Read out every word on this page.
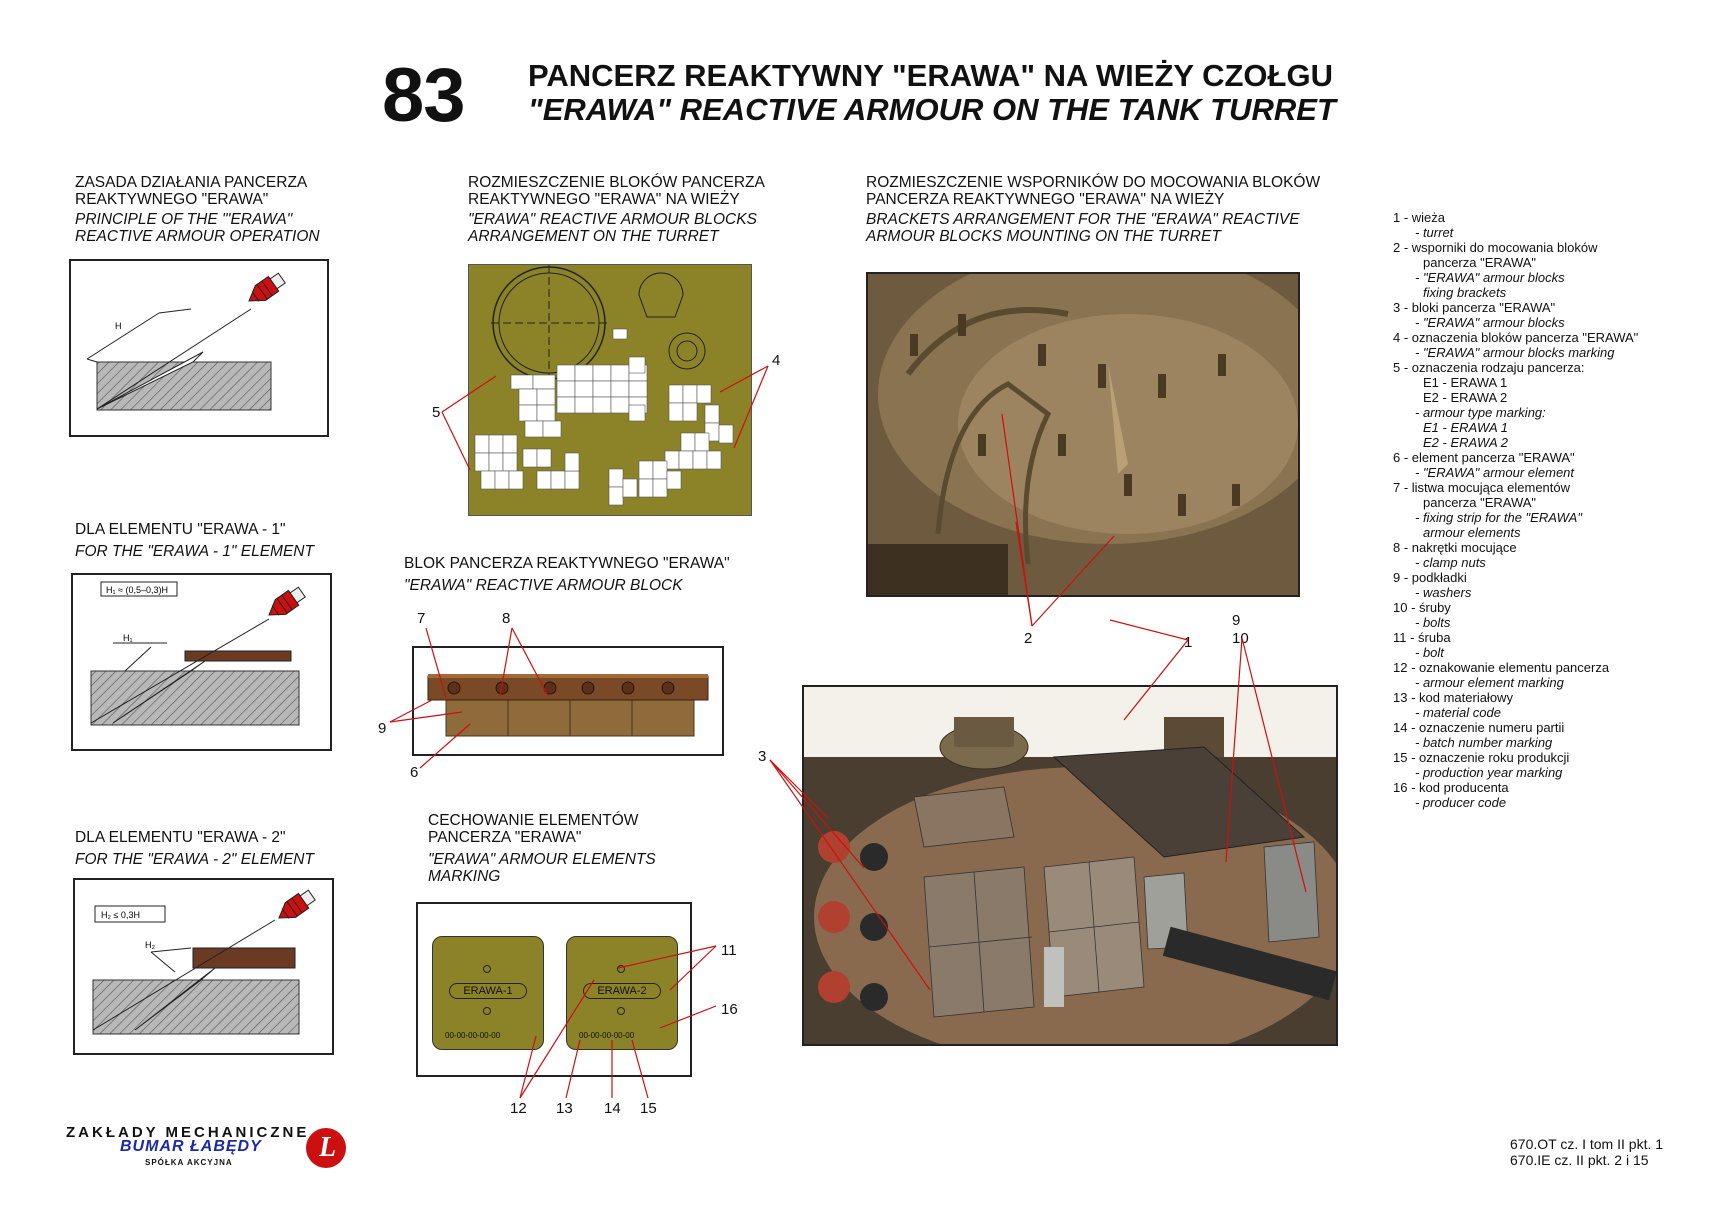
83 PANCERZ REAKTYWNY "ERAWA" NA WIEŻY CZOŁGU
"ERAWA" REACTIVE ARMOUR ON THE TANK TURRET
ZASADA DZIAŁANIA PANCERZA
REAKTYWNEGO "ERAWA"
PRINCIPLE OF THE "'ERAWA"
REACTIVE ARMOUR OPERATION
H
DLA ELEMENTU "ERAWA - 1"
FOR THE "ERAWA - 1" ELEMENT
H₁ ≈ (0,5–0,3)H
H₁
DLA ELEMENTU "ERAWA - 2"
FOR THE "ERAWA - 2" ELEMENT
H₂ ≤ 0,3H
H₂
ROZMIESZCZENIE BLOKÓW PANCERZA
REAKTYWNEGO "ERAWA" NA WIEŻY
"ERAWA" REACTIVE ARMOUR BLOCKS
ARRANGEMENT ON THE TURRET
5
4
BLOK PANCERZA REAKTYWNEGO "ERAWA"
"ERAWA" REACTIVE ARMOUR BLOCK
7	8
9
6
CECHOWANIE ELEMENTÓW
PANCERZA "ERAWA"
"ERAWA" ARMOUR ELEMENTS
MARKING
ERAWA-1
00-00-00-00-00
ERAWA-2
00-00-00-00-00
11
16
12 13 14 15
ROZMIESZCZENIE WSPORNIKÓW DO MOCOWANIA BLOKÓW
PANCERZA REAKTYWNEGO "ERAWA" NA WIEŻY
BRACKETS ARRANGEMENT FOR THE "ERAWA" REACTIVE
ARMOUR BLOCKS MOUNTING ON THE TURRET
2	1
9
10
3
1 - wieża
- turret
2 - wsporniki do mocowania bloków
pancerza "ERAWA"
- "ERAWA" armour blocks
fixing brackets
3 - bloki pancerza "ERAWA"
- "ERAWA" armour blocks
4 - oznaczenia bloków pancerza "ERAWA"
- "ERAWA" armour blocks marking
5 - oznaczenia rodzaju pancerza:
E1 - ERAWA 1
E2 - ERAWA 2
- armour type marking:
E1 - ERAWA 1
E2 - ERAWA 2
6 - element pancerza "ERAWA"
- "ERAWA" armour element
7 - listwa mocująca elementów
pancerza "ERAWA"
- fixing strip for the "ERAWA"
armour elements
8 - nakrętki mocujące
- clamp nuts
9 - podkładki
- washers
10 - śruby
- bolts
11 - śruba
- bolt
12 - oznakowanie elementu pancerza
- armour element marking
13 - kod materiałowy
- material code
14 - oznaczenie numeru partii
- batch number marking
15 - oznaczenie roku produkcji
- production year marking
16 - kod producenta
- producer code
ZAKŁADY MECHANICZNE
BUMAR ŁABĘDY
SPÓŁKA AKCYJNA	L	670.OT cz. I tom II pkt. 1
670.IE cz. II pkt. 2 i 15
